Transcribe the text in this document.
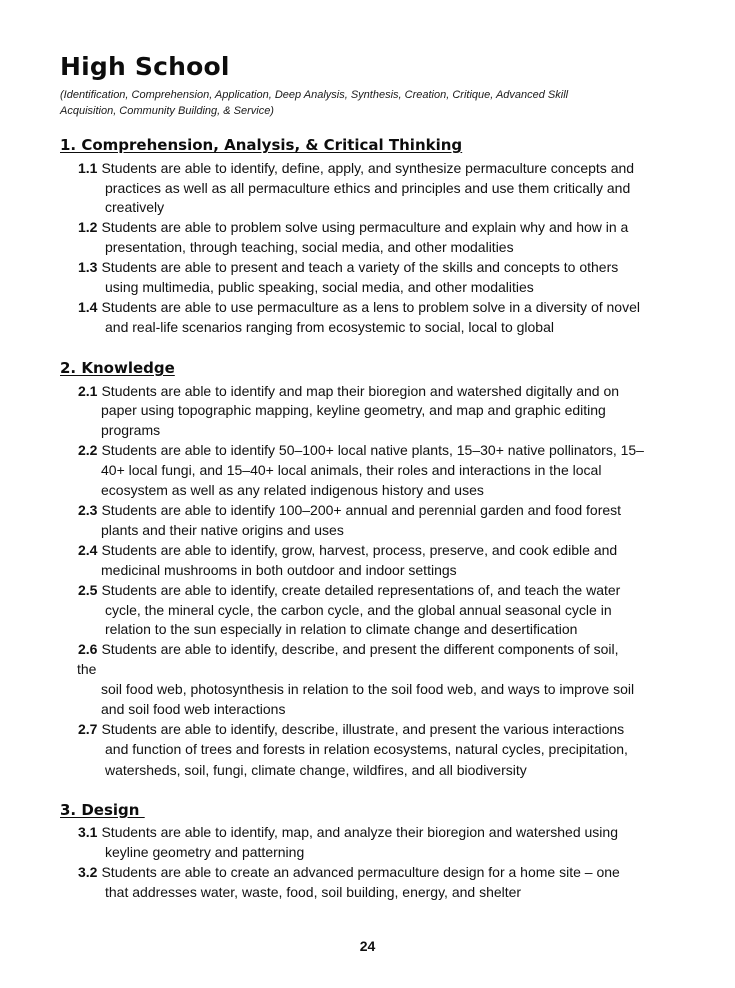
High School
(Identification, Comprehension, Application, Deep Analysis, Synthesis, Creation, Critique, Advanced Skill
Acquisition, Community Building, & Service)
1. Comprehension, Analysis, & Critical Thinking
1.1 Students are able to identify, define, apply, and synthesize permaculture concepts and
practices as well as all permaculture ethics and principles and use them critically and
creatively
1.2 Students are able to problem solve using permaculture and explain why and how in a
presentation, through teaching, social media, and other modalities
1.3 Students are able to present and teach a variety of the skills and concepts to others
using multimedia, public speaking, social media, and other modalities
1.4 Students are able to use permaculture as a lens to problem solve in a diversity of novel
and real-life scenarios ranging from ecosystemic to social, local to global
2. Knowledge
2.1 Students are able to identify and map their bioregion and watershed digitally and on
paper using topographic mapping, keyline geometry, and map and graphic editing
programs
2.2 Students are able to identify 50–100+ local native plants, 15–30+ native pollinators, 15–
40+ local fungi, and 15–40+ local animals, their roles and interactions in the local
ecosystem as well as any related indigenous history and uses
2.3 Students are able to identify 100–200+ annual and perennial garden and food forest
plants and their native origins and uses
2.4 Students are able to identify, grow, harvest, process, preserve, and cook edible and
medicinal mushrooms in both outdoor and indoor settings
2.5 Students are able to identify, create detailed representations of, and teach the water
cycle, the mineral cycle, the carbon cycle, and the global annual seasonal cycle in
relation to the sun especially in relation to climate change and desertification
2.6 Students are able to identify, describe, and present the different components of soil,
the
soil food web, photosynthesis in relation to the soil food web, and ways to improve soil
and soil food web interactions
2.7 Students are able to identify, describe, illustrate, and present the various interactions
and function of trees and forests in relation ecosystems, natural cycles, precipitation,
watersheds, soil, fungi, climate change, wildfires, and all biodiversity
3. Design
3.1 Students are able to identify, map, and analyze their bioregion and watershed using
keyline geometry and patterning
3.2 Students are able to create an advanced permaculture design for a home site – one
that addresses water, waste, food, soil building, energy, and shelter
24
